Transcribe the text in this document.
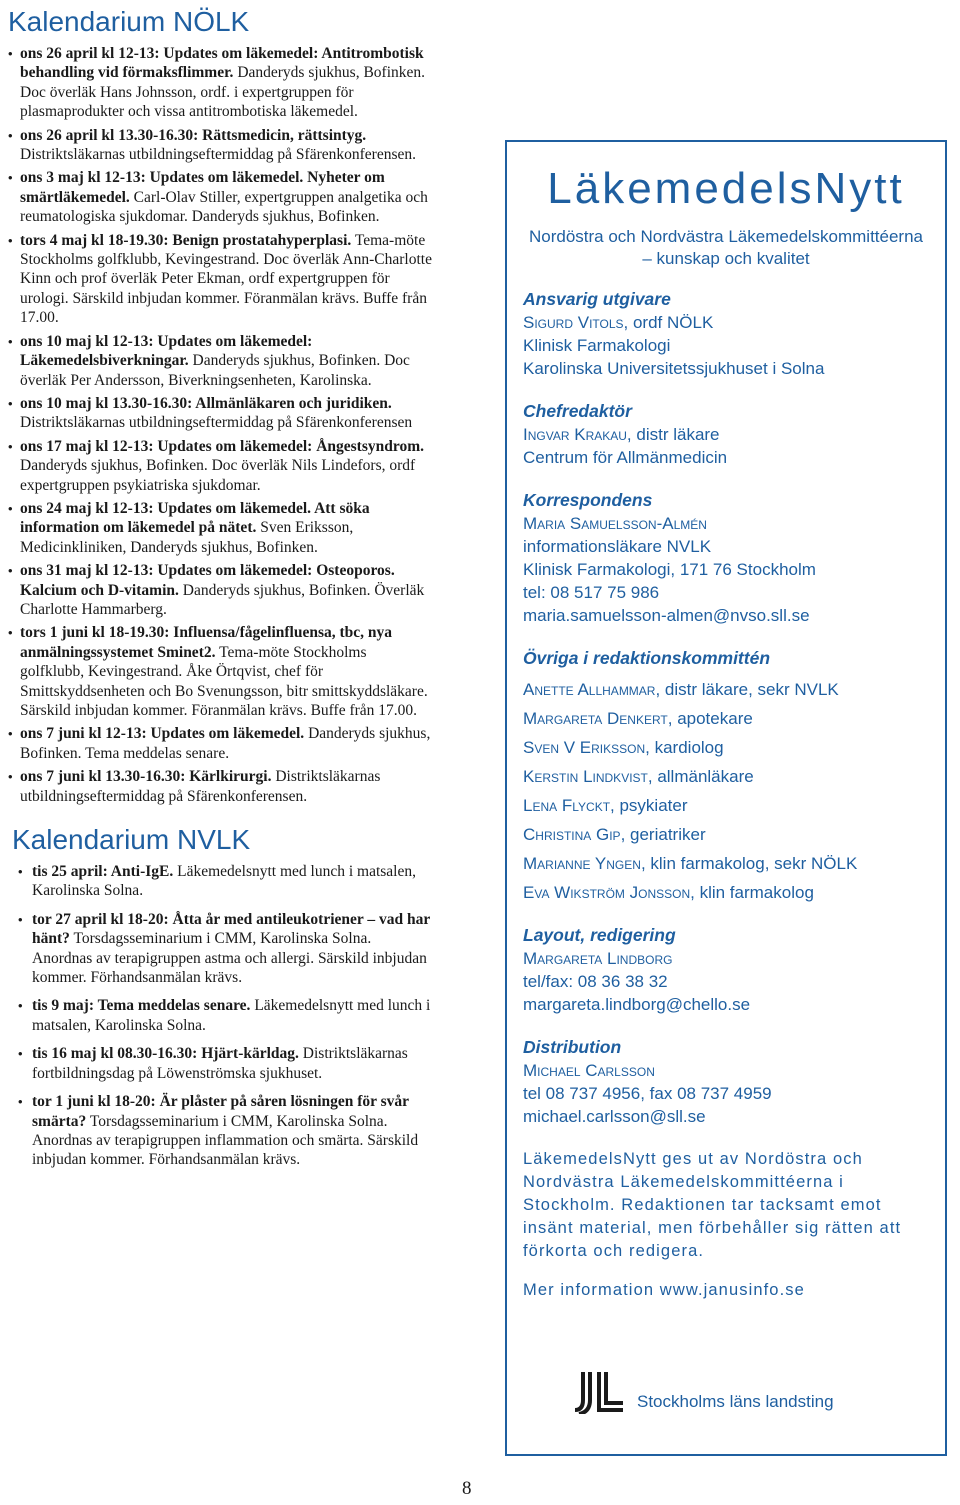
Kalendarium NÖLK
• ons 26 april kl 12-13: Updates om läkemedel: Antitrombotisk behandling vid förmaksflimmer. Danderyds sjukhus, Bofinken. Doc överläk Hans Johnsson, ordf. i expertgruppen för plasmaprodukter och vissa antitrombotiska läkemedel.
• ons 26 april kl 13.30-16.30: Rättsmedicin, rättsintyg. Distriktsläkarnas utbildningseftermiddag på Sfärenkonferensen.
• ons 3 maj kl 12-13: Updates om läkemedel. Nyheter om smärtläkemedel. Carl-Olav Stiller, expertgruppen analgetika och reumatologiska sjukdomar. Danderyds sjukhus, Bofinken.
• tors 4 maj kl 18-19.30: Benign prostatahyperplasi. Tema-möte Stockholms golfklubb, Kevingestrand. Doc överläk Ann-Charlotte Kinn och prof överläk Peter Ekman, ordf expertgruppen för urologi. Särskild inbjudan kommer. Föranmälan krävs. Buffe från 17.00.
• ons 10 maj kl 12-13: Updates om läkemedel: Läkemedelsbiverkningar. Danderyds sjukhus, Bofinken. Doc överläk Per Andersson, Biverkningsenheten, Karolinska.
• ons 10 maj kl 13.30-16.30: Allmänläkaren och juridiken. Distriktsläkarnas utbildningseftermiddag på Sfärenkonferensen
• ons 17 maj kl 12-13: Updates om läkemedel: Ångestsyndrom. Danderyds sjukhus, Bofinken. Doc överläk Nils Lindefors, ordf expertgruppen psykiatriska sjukdomar.
• ons 24 maj kl 12-13: Updates om läkemedel. Att söka information om läkemedel på nätet. Sven Eriksson, Medicinkliniken, Danderyds sjukhus, Bofinken.
• ons 31 maj kl 12-13: Updates om läkemedel: Osteoporos. Kalcium och D-vitamin. Danderyds sjukhus, Bofinken. Överläk Charlotte Hammarberg.
• tors 1 juni kl 18-19.30: Influensa/fågelinfluensa, tbc, nya anmälningssystemet Sminet2. Tema-möte Stockholms golfklubb, Kevingestrand. Åke Örtqvist, chef för Smittskyddsenheten och Bo Svenungsson, bitr smittskyddsläkare. Särskild inbjudan kommer. Föranmälan krävs. Buffe från 17.00.
• ons 7 juni kl 12-13: Updates om läkemedel. Danderyds sjukhus, Bofinken. Tema meddelas senare.
• ons 7 juni kl 13.30-16.30: Kärlkirurgi. Distriktsläkarnas utbildningseftermiddag på Sfärenkonferensen.
Kalendarium NVLK
• tis 25 april: Anti-IgE. Läkemedelsnytt med lunch i matsalen, Karolinska Solna.
• tor 27 april kl 18-20: Åtta år med antileukotriener – vad har hänt? Torsdagsseminarium i CMM, Karolinska Solna. Anordnas av terapigruppen astma och allergi. Särskild inbjudan kommer. Förhandsanmälan krävs.
• tis 9 maj: Tema meddelas senare. Läkemedelsnytt med lunch i matsalen, Karolinska Solna.
• tis 16 maj kl 08.30-16.30: Hjärt-kärldag. Distriktsläkarnas fortbildningsdag på Löwenströmska sjukhuset.
• tor 1 juni kl 18-20: Är plåster på såren lösningen för svår smärta? Torsdagsseminarium i CMM, Karolinska Solna. Anordnas av terapigruppen inflammation och smärta. Särskild inbjudan kommer. Förhandsanmälan krävs.
LäkemedelsNytt
Nordöstra och Nordvästra Läkemedelskommittéerna
– kunskap och kvalitet
Ansvarig utgivare
Sigurd Vitols, ordf NÖLK
Klinisk Farmakologi
Karolinska Universitetssjukhuset i Solna
Chefredaktör
Ingvar Krakau, distr läkare
Centrum för Allmänmedicin
Korrespondens
Maria Samuelsson-Almén
informationsläkare NVLK
Klinisk Farmakologi, 171 76 Stockholm
tel: 08 517 75 986
maria.samuelsson-almen@nvso.sll.se
Övriga i redaktionskommittén
Anette Allhammar, distr läkare, sekr NVLK
Margareta Denkert, apotekare
Sven V Eriksson, kardiolog
Kerstin Lindkvist, allmänläkare
Lena Flyckt, psykiater
Christina Gip, geriatriker
Marianne Yngen, klin farmakolog, sekr NÖLK
Eva Wikström Jonsson, klin farmakolog
Layout, redigering
Margareta Lindborg
tel/fax: 08 36 38 32
margareta.lindborg@chello.se
Distribution
Michael Carlsson
tel 08 737 4956, fax 08 737 4959
michael.carlsson@sll.se
LäkemedelsNytt ges ut av Nordöstra och Nordvästra Läkemedelskommittéerna i Stockholm. Redaktionen tar tacksamt emot insänt material, men förbehåller sig rätten att förkorta och redigera.
Mer information www.janusinfo.se
Stockholms läns landsting
8
